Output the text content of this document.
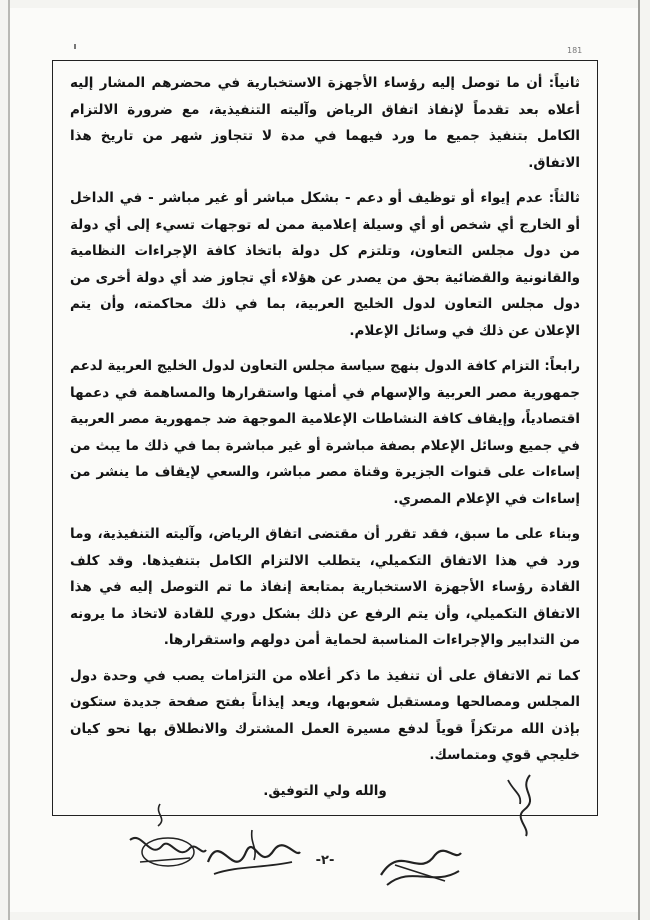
181

ثانياً: أن ما توصل إليه رؤساء الأجهزة الاستخبارية في محضرهم المشار إليه أعلاه بعد تقدماً لإنفاذ اتفاق الرياض وآليته التنفيذية، مع ضرورة الالتزام الكامل بتنفيذ جميع ما ورد فيهما في مدة لا تتجاوز شهر من تاريخ هذا الاتفاق.

ثالثاً: عدم إيواء أو توظيف أو دعم - بشكل مباشر أو غير مباشر - في الداخل أو الخارج أي شخص أو أي وسيلة إعلامية ممن له توجهات تسيء إلى أي دولة من دول مجلس التعاون، وتلتزم كل دولة باتخاذ كافة الإجراءات النظامية والقانونية والقضائية بحق من يصدر عن هؤلاء أي تجاوز ضد أي دولة أخرى من دول مجلس التعاون لدول الخليج العربية، بما في ذلك محاكمته، وأن يتم الإعلان عن ذلك في وسائل الإعلام.

رابعاً: التزام كافة الدول بنهج سياسة مجلس التعاون لدول الخليج العربية لدعم جمهورية مصر العربية والإسهام في أمنها واستقرارها والمساهمة في دعمها اقتصادياً، وإيقاف كافة النشاطات الإعلامية الموجهة ضد جمهورية مصر العربية في جميع وسائل الإعلام بصفة مباشرة أو غير مباشرة بما في ذلك ما يبث من إساءات على قنوات الجزيرة وقناة مصر مباشر، والسعي لإيقاف ما ينشر من إساءات في الإعلام المصري.

وبناء على ما سبق، فقد تقرر أن مقتضى اتفاق الرياض، وآليته التنفيذية، وما ورد في هذا الاتفاق التكميلي، يتطلب الالتزام الكامل بتنفيذها. وقد كلف القادة رؤساء الأجهزة الاستخبارية بمتابعة إنفاذ ما تم التوصل إليه في هذا الاتفاق التكميلي، وأن يتم الرفع عن ذلك بشكل دوري للقادة لاتخاذ ما يرونه من التدابير والإجراءات المناسبة لحماية أمن دولهم واستقرارها.

كما تم الاتفاق على أن تنفيذ ما ذكر أعلاه من التزامات يصب في وحدة دول المجلس ومصالحها ومستقبل شعوبها، ويعد إيذاناً بفتح صفحة جديدة ستكون بإذن الله مرتكزاً قوياً لدفع مسيرة العمل المشترك والانطلاق بها نحو كيان خليجي قوي ومتماسك.

والله ولي التوفيق.

-٢-
